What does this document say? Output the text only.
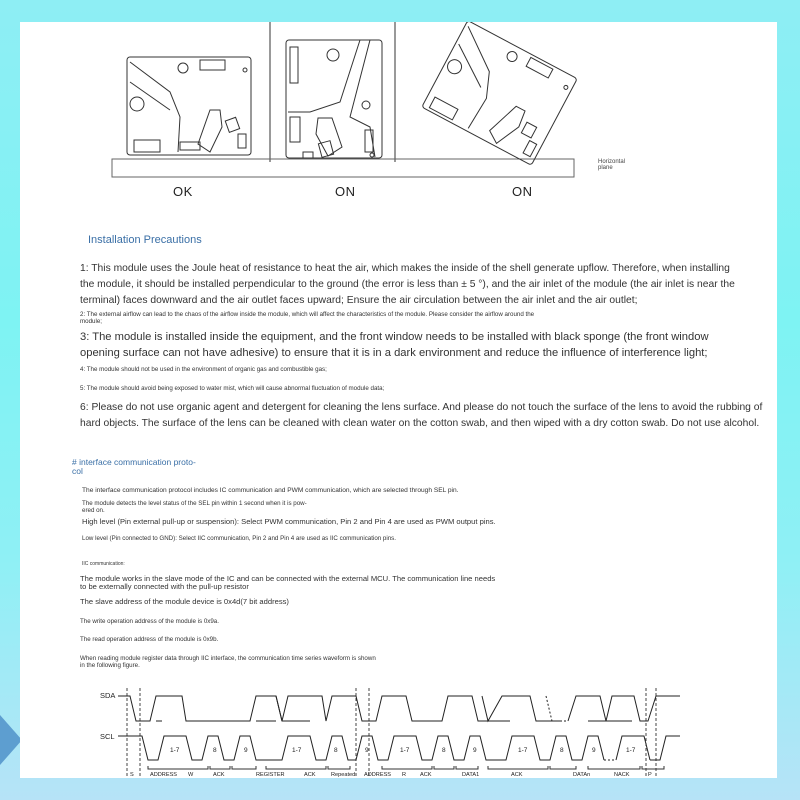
Horizontal
plane
OK	ON	ON
Installation Precautions
1: This module uses the Joule heat of resistance to heat the air, which makes the inside of the shell generate upflow. Therefore, when installing
the module, it should be installed perpendicular to the ground (the error is less than ± 5 °), and the air inlet of the module (the air inlet is near the
terminal) faces downward and the air outlet faces upward; Ensure the air circulation between the air inlet and the air outlet;
2: The external airflow can lead to the chaos of the airflow inside the module, which will affect the characteristics of the module. Please consider the airflow around the
module;
3: The module is installed inside the equipment, and the front window needs to be installed with black sponge (the front window
opening surface can not have adhesive) to ensure that it is in a dark environment and reduce the influence of interference light;
4: The module should not be used in the environment of organic gas and combustible gas;
5: The module should avoid being exposed to water mist, which will cause abnormal fluctuation of module data;
6: Please do not use organic agent and detergent for cleaning the lens surface. And please do not touch the surface of the lens to avoid the rubbing of
hard objects. The surface of the lens can be cleaned with clean water on the cotton swab, and then wiped with a dry cotton swab. Do not use alcohol.
# interface communication proto-
col
The interface communication protocol includes IC communication and PWM communication, which are selected through SEL pin.
The module detects the level status of the SEL pin within 1 second when it is pow-
ered on.
High level (Pin external pull-up or suspension): Select PWM communication, Pin 2 and Pin 4 are used as PWM output pins.
Low level (Pin connected to GND): Select IIC communication, Pin 2 and Pin 4 are used as IIC communication pins.
IIC communication:
The module works in the slave mode of the IC and can be connected with the external MCU. The communication line needs
to be externally connected with the pull-up resistor
The slave address of the module device is 0x4d(7 bit address)
The write operation address of the module is 0x9a.
The read operation address of the module is 0x9b.
When reading module register data through IIC interface, the communication time series waveform is shown
in the following figure.
SDA
SCL
1-7	8	9	1-7	8	9	1-7	8	9	1-7	8	9	1-7
S	ADDRESS W	ACK	REGISTER	ACK	Repeated ADDRESS R ACK	DATA1	ACK	DATAn	NACK	P
